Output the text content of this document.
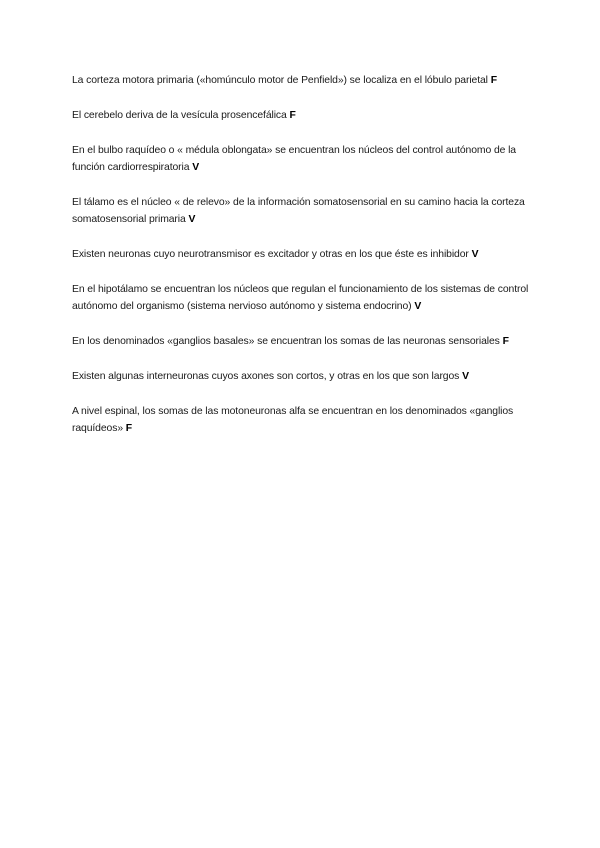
La corteza motora primaria («homúnculo motor de Penfield») se localiza en el lóbulo parietal F
El cerebelo deriva de la vesícula prosencefálica F
En el bulbo raquídeo o « médula oblongata» se encuentran los núcleos del control autónomo de la función cardiorrespiratoria V
El tálamo es el núcleo « de relevo» de la información somatosensorial en su camino hacia la corteza somatosensorial primaria V
Existen neuronas cuyo neurotransmisor es excitador y otras en los que éste es inhibidor V
En el hipotálamo se encuentran los núcleos que regulan el funcionamiento de los sistemas de control autónomo del organismo (sistema nervioso autónomo y sistema endocrino) V
En los denominados «ganglios basales» se encuentran los somas de las neuronas sensoriales F
Existen algunas interneuronas cuyos axones son cortos, y otras en los que son largos V
A nivel espinal, los somas de las motoneuronas alfa se encuentran en los denominados «ganglios raquídeos» F
